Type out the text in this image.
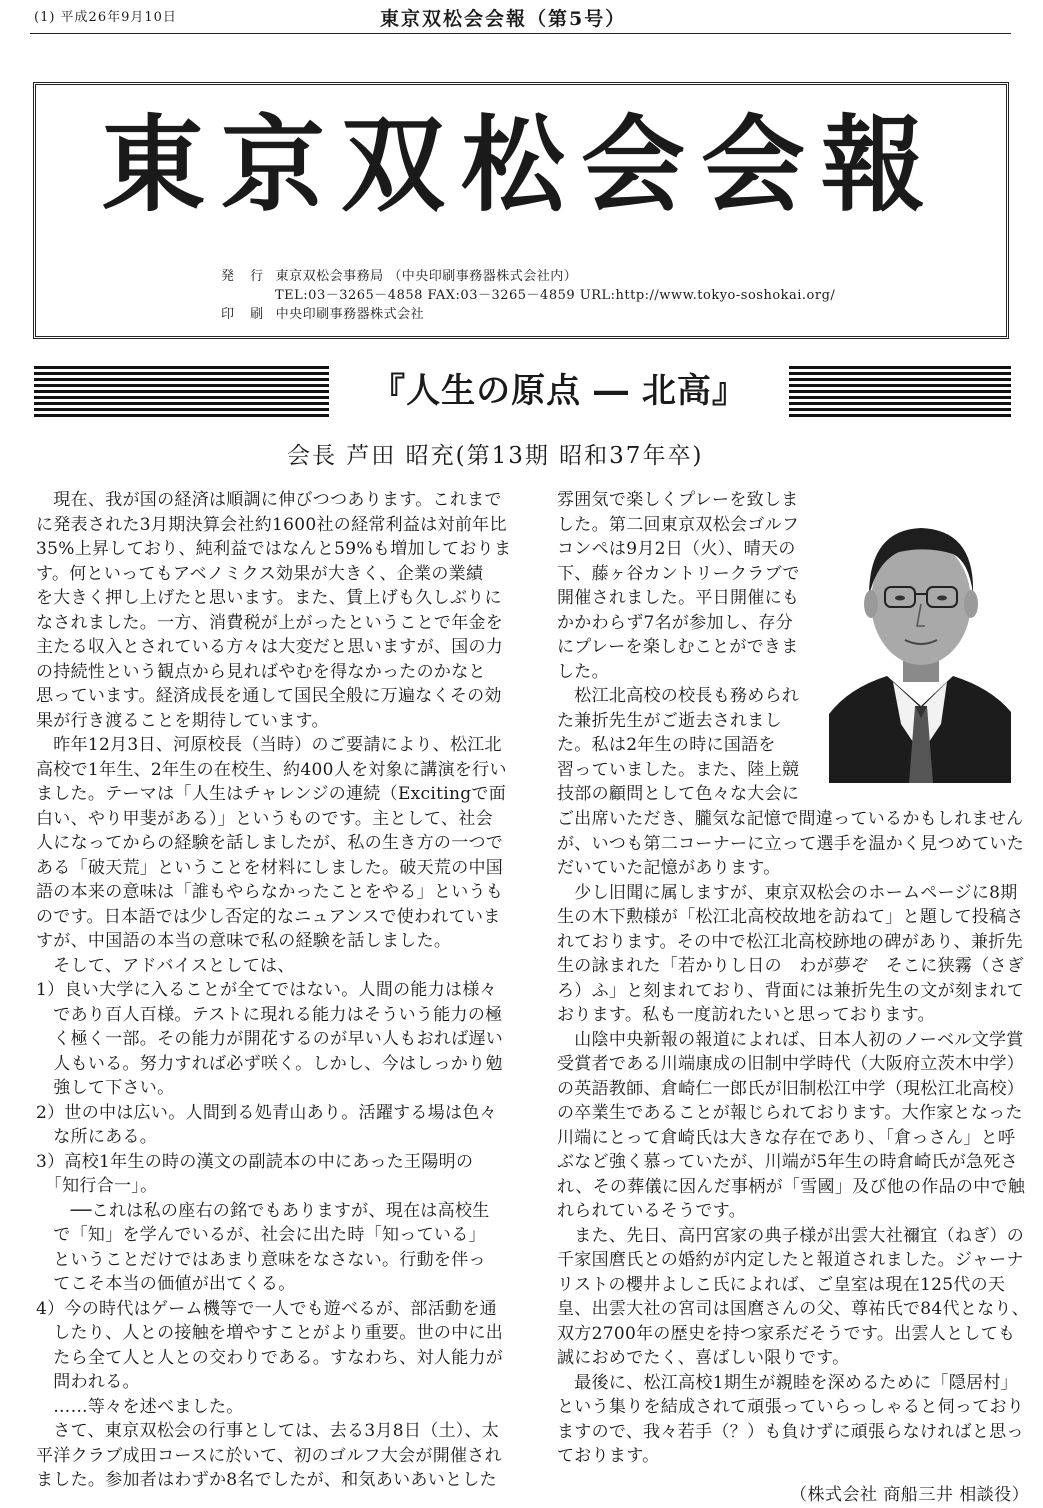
(1) 平成26年9月10日	東京双松会会報（第5号）
東京双松会会報
発 行 東京双松会事務局 （中央印刷事務器株式会社内）
TEL:03－3265－4858 FAX:03－3265－4859 URL:http://www.tokyo-soshokai.org/
印 刷 中央印刷事務器株式会社
『人生の原点 ― 北高』
会長 芦田 昭充(第13期 昭和37年卒)

　現在、我が国の経済は順調に伸びつつあります。これまで

に発表された3月期決算会社約1600社の経常利益は対前年比

35%上昇しており、純利益ではなんと59%も増加しておりま

す。何といってもアベノミクス効果が大きく、企業の業績

を大きく押し上げたと思います。また、賃上げも久しぶりに

なされました。一方、消費税が上がったということで年金を

主たる収入とされている方々は大変だと思いますが、国の力

の持続性という観点から見ればやむを得なかったのかなと

思っています。経済成長を通して国民全般に万遍なくその効

果が行き渡ることを期待しています。

　昨年12月3日、河原校長（当時）のご要請により、松江北

高校で1年生、2年生の在校生、約400人を対象に講演を行い

ました。テーマは「人生はチャレンジの連続（Excitingで面

白い、やり甲斐がある）」というものです。主として、社会

人になってからの経験を話しましたが、私の生き方の一つで

ある「破天荒」ということを材料にしました。破天荒の中国

語の本来の意味は「誰もやらなかったことをやる」というも

のです。日本語では少し否定的なニュアンスで使われていま

すが、中国語の本当の意味で私の経験を話しました。

　そして、アドバイスとしては、

1）良い大学に入ることが全てではない。人間の能力は様々

　であり百人百様。テストに現れる能力はそういう能力の極

　く極く一部。その能力が開花するのが早い人もおれば遅い

　人もいる。努力すれば必ず咲く。しかし、今はしっかり勉

　強して下さい。

2）世の中は広い。人間到る処青山あり。活躍する場は色々

　な所にある。

3）高校1年生の時の漢文の副読本の中にあった王陽明の

　「知行合一」。

　　──これは私の座右の銘でもありますが、現在は高校生

　で「知」を学んでいるが、社会に出た時「知っている」

　ということだけではあまり意味をなさない。行動を伴っ

　てこそ本当の価値が出てくる。

4）今の時代はゲーム機等で一人でも遊べるが、部活動を通

　したり、人との接触を増やすことがより重要。世の中に出

　たら全て人と人との交わりである。すなわち、対人能力が

　問われる。

　……等々を述べました。

　さて、東京双松会の行事としては、去る3月8日（土）、太

平洋クラブ成田コースに於いて、初のゴルフ大会が開催され

ました。参加者はわずか8名でしたが、和気あいあいとした

雰囲気で楽しくプレーを致しま

した。第二回東京双松会ゴルフ

コンペは9月2日（火）、晴天の

下、藤ヶ谷カントリークラブで

開催されました。平日開催にも

かかわらず7名が参加し、存分

にプレーを楽しむことができま

した。

　松江北高校の校長も務められ

た兼折先生がご逝去されまし

た。私は2年生の時に国語を

習っていました。また、陸上競

技部の顧問として色々な大会に

ご出席いただき、朧気な記憶で間違っているかもしれません

が、いつも第二コーナーに立って選手を温かく見つめていた

だいていた記憶があります。

　少し旧聞に属しますが、東京双松会のホームページに8期

生の木下勲様が「松江北高校故地を訪ねて」と題して投稿さ

れております。その中で松江北高校跡地の碑があり、兼折先

生の詠まれた「若かりし日の　わが夢ぞ　そこに狭霧（さぎ

ろ）ふ」と刻まれており、背面には兼折先生の文が刻まれて

おります。私も一度訪れたいと思っております。

　山陰中央新報の報道によれば、日本人初のノーベル文学賞

受賞者である川端康成の旧制中学時代（大阪府立茨木中学）

の英語教師、倉崎仁一郎氏が旧制松江中学（現松江北高校）

の卒業生であることが報じられております。大作家となった

川端にとって倉崎氏は大きな存在であり、「倉っさん」と呼

ぶなど強く慕っていたが、川端が5年生の時倉崎氏が急死さ

れ、その葬儀に因んだ事柄が「雪國」及び他の作品の中で触

れられているそうです。

　また、先日、高円宮家の典子様が出雲大社禰宜（ねぎ）の

千家国麿氏との婚約が内定したと報道されました。ジャーナ

リストの櫻井よしこ氏によれば、ご皇室は現在125代の天

皇、出雲大社の宮司は国麿さんの父、尊祐氏で84代となり、

双方2700年の歴史を持つ家系だそうです。出雲人としても

誠におめでたく、喜ばしい限りです。

　最後に、松江高校1期生が親睦を深めるために「隠居村」

という集りを結成されて頑張っていらっしゃると伺っており

ますので、我々若手（？）も負けずに頑張らなければと思っ

ております。

（株式会社 商船三井 相談役）
